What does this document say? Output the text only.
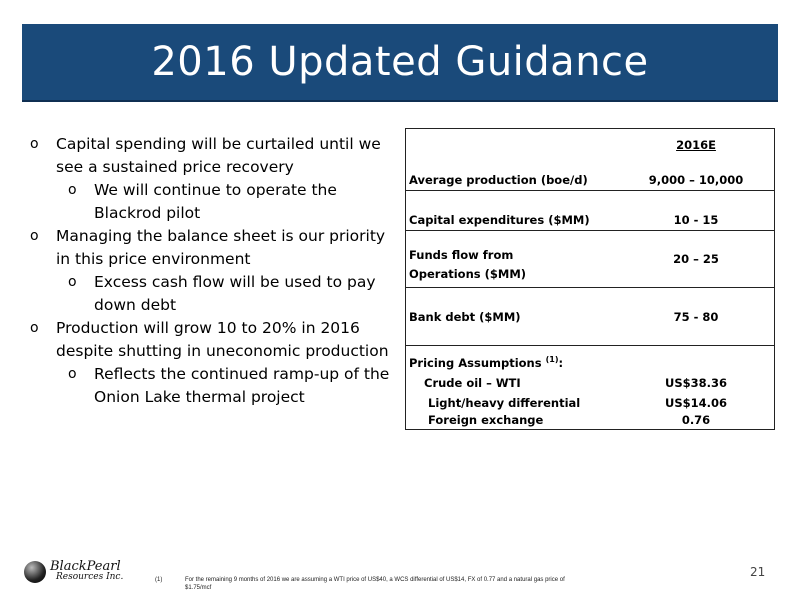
2016 Updated Guidance
o	Capital spending will be curtailed until we see a sustained price recovery
o	We will continue to operate the Blackrod pilot
o	Managing the balance sheet is our priority in this price environment
o	Excess cash flow will be used to pay down debt
o	Production will grow 10 to 20% in 2016 despite shutting in uneconomic production
o	Reflects the continued ramp-up of the Onion Lake thermal project
	2016E
Average production (boe/d)	9,000 – 10,000
Capital expenditures ($MM)	10 - 15

Funds flow from
Operations ($MM)	20 – 25
Bank debt ($MM)	75 - 80
Pricing Assumptions $^{(1)}$:	
Crude oil – WTI	US$38.36
Light/heavy differential	US$14.06
Foreign exchange	0.76
BlackPearl
Resources Inc.	(1)	For the remaining 9 months of 2016 we are assuming a WTI price of US$40, a WCS differential of US$14, FX of 0.77 and a natural gas price of $1.75/mcf
21
